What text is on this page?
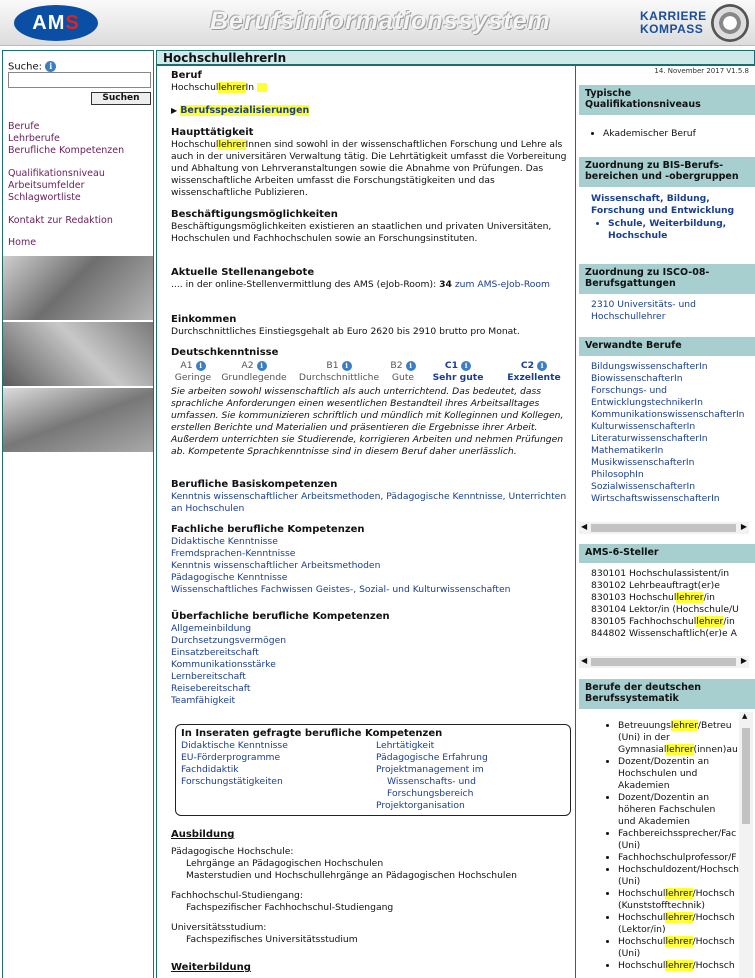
AMS	Berufsinformationssystem	KARRIERE
KOMPASS
Suche: i
Suchen
Berufe
Lehrberufe
Berufliche Kompetenzen
Qualifikationsniveau
Arbeitsumfelder
Schlagwortliste
Kontakt zur Redaktion
Home
HochschullehrerIn
Beruf
HochschullehrerIn
▶ Berufsspezialisierungen
Haupttätigkeit
HochschullehrerInnen sind sowohl in der wissenschaftlichen Forschung und Lehre als auch in der universitären Verwaltung tätig. Die Lehrtätigkeit umfasst die Vorbereitung und Abhaltung von Lehrveranstaltungen sowie die Abnahme von Prüfungen. Das wissenschaftliche Arbeiten umfasst die Forschungstätigkeiten und das wissenschaftliche Publizieren.
Beschäftigungsmöglichkeiten
Beschäftigungsmöglichkeiten existieren an staatlichen und privaten Universitäten, Hochschulen und Fachhochschulen sowie an Forschungsinstituten.
Aktuelle Stellenangebote
.... in der online-Stellenvermittlung des AMS (eJob-Room): 34 zum AMS-eJob-Room
Einkommen
Durchschnittliches Einstiegsgehalt ab Euro 2620 bis 2910 brutto pro Monat.
Deutschkenntnisse
A1 i
Geringe
A2 i
Grundlegende
B1 i
Durchschnittliche
B2 i
Gute
C1 i
Sehr gute
C2 i
Exzellente
Sie arbeiten sowohl wissenschaftlich als auch unterrichtend. Das bedeutet, dass sprachliche Anforderungen einen wesentlichen Bestandteil ihres Arbeitsalltages umfassen. Sie kommunizieren schriftlich und mündlich mit Kolleginnen und Kollegen, erstellen Berichte und Materialien und präsentieren die Ergebnisse ihrer Arbeit. Außerdem unterrichten sie Studierende, korrigieren Arbeiten und nehmen Prüfungen ab. Kompetente Sprachkenntnisse sind in diesem Beruf daher unerlässlich.
Berufliche Basiskompetenzen
Kenntnis wissenschaftlicher Arbeitsmethoden, Pädagogische Kenntnisse, Unterrichten an Hochschulen
Fachliche berufliche Kompetenzen
Didaktische Kenntnisse
Fremdsprachen-Kenntnisse
Kenntnis wissenschaftlicher Arbeitsmethoden
Pädagogische Kenntnisse
Wissenschaftliches Fachwissen Geistes-, Sozial- und Kulturwissenschaften
Überfachliche berufliche Kompetenzen
Allgemeinbildung
Durchsetzungsvermögen
Einsatzbereitschaft
Kommunikationsstärke
Lernbereitschaft
Reisebereitschaft
Teamfähigkeit
In Inseraten gefragte berufliche Kompetenzen
Didaktische Kenntnisse
EU-Förderprogramme
Fachdidaktik
Forschungstätigkeiten
Lehrtätigkeit
Pädagogische Erfahrung
Projektmanagement im
Wissenschafts- und
Forschungsbereich
Projektorganisation
Ausbildung
Pädagogische Hochschule:
Lehrgänge an Pädagogischen Hochschulen
Masterstudien und Hochschullehrgänge an Pädagogischen Hochschulen
Fachhochschul-Studiengang:
Fachspezifischer Fachhochschul-Studiengang
Universitätsstudium:
Fachspezifisches Universitätsstudium
Weiterbildung
14. November 2017 V1.5.8
Typische Qualifikationsniveaus
• Akademischer Beruf
Zuordnung zu BIS-Berufs-bereichen und -obergruppen
Wissenschaft, Bildung, Forschung und Entwicklung
• Schule, Weiterbildung, Hochschule
Zuordnung zu ISCO-08-Berufsgattungen
2310 Universitäts- und Hochschullehrer
Verwandte Berufe
BildungswissenschafterIn
BiowissenschafterIn
Forschungs- und
EntwicklungstechnikerIn
KommunikationswissenschafterIn
KulturwissenschafterIn
LiteraturwissenschafterIn
MathematikerIn
MusikwissenschafterIn
PhilosophIn
SozialwissenschafterIn
WirtschaftswissenschafterIn
◀	▶
AMS-6-Steller
830101 Hochschulassistent/in
830102 Lehrbeauftragt(er)e
830103 Hochschullehrer/in
830104 Lektor/in (Hochschule/U
830105 Fachhochschullehrer/in
844802 Wissenschaftlich(er)e A
◀	▶
Berufe der deutschen Berufssystematik
▲
• Betreuungslehrer/Betreu
(Uni) in der
Gymnasiallehrer(innen)au
• Dozent/Dozentin an
Hochschulen und
Akademien
• Dozent/Dozentin an
höheren Fachschulen
und Akademien
• Fachbereichssprecher/Fac
(Uni)
• Fachhochschulprofessor/F
• Hochschuldozent/Hochsch
(Uni)
• Hochschullehrer/Hochsch
(Kunststofftechnik)
• Hochschullehrer/Hochsch
(Lektor/in)
• Hochschullehrer/Hochsch
(Uni)
• Hochschullehrer/Hochsch
